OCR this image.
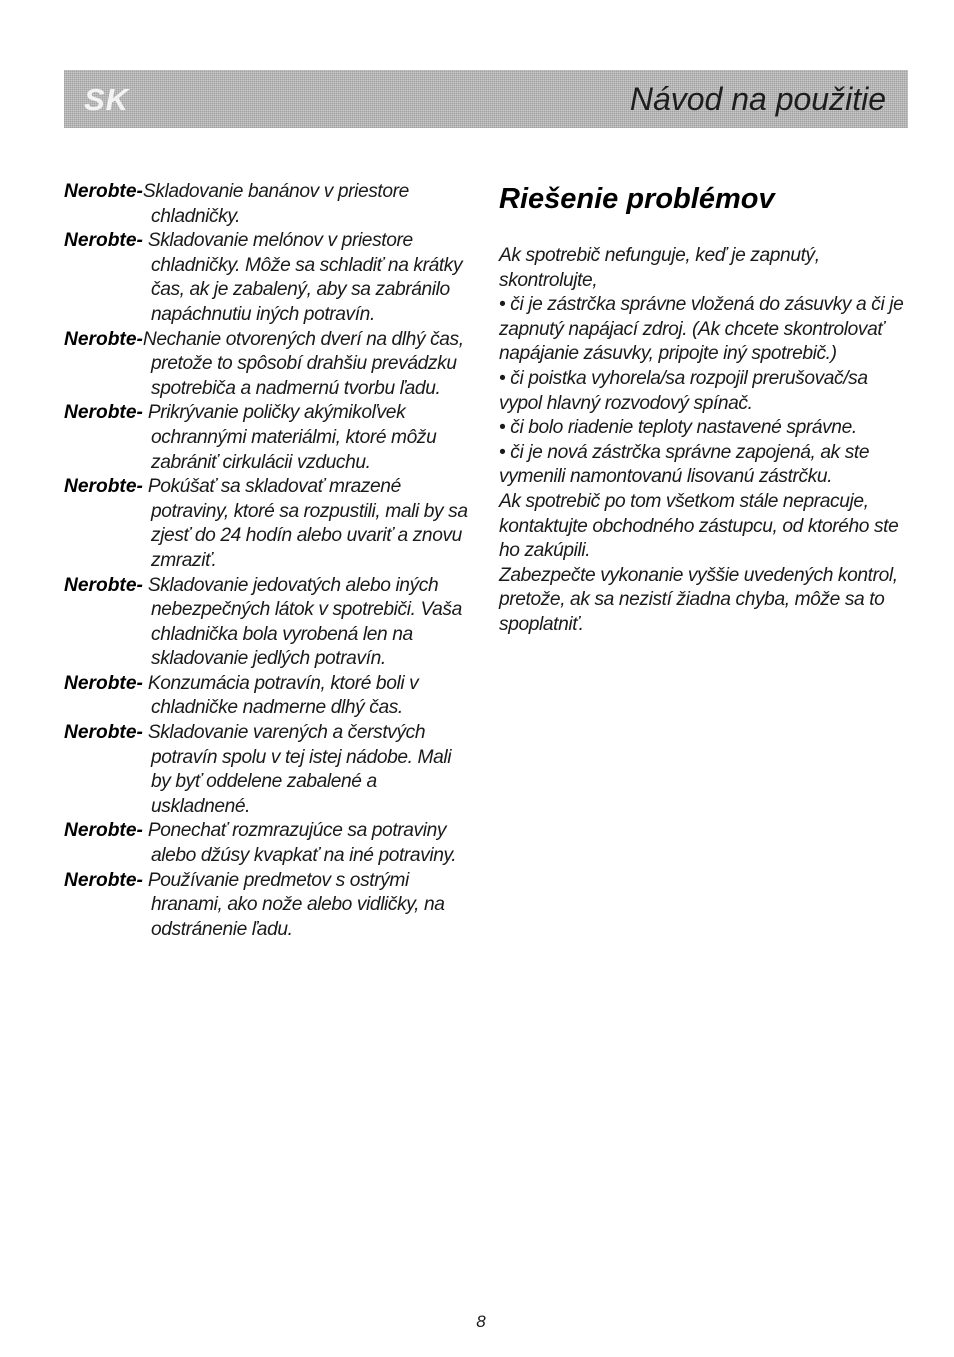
SK	Návod na použitie
Nerobte-Skladovanie banánov v priestore chladničky.
Nerobte- Skladovanie melónov v priestore chladničky. Môže sa schladiť na krátky čas, ak je zabalený, aby sa zabránilo napáchnutiu iných potravín.
Nerobte-Nechanie otvorených dverí na dlhý čas, pretože to spôsobí drahšiu prevádzku spotrebiča a nadmernú tvorbu ľadu.
Nerobte- Prikrývanie poličky akýmikoľvek ochrannými materiálmi, ktoré môžu zabrániť cirkulácii vzduchu.
Nerobte- Pokúšať sa skladovať mrazené potraviny, ktoré sa rozpustili, mali by sa zjesť do 24 hodín alebo uvariť a znovu zmraziť.
Nerobte- Skladovanie jedovatých alebo iných nebezpečných látok v spotrebiči. Vaša chladnička bola vyrobená len na skladovanie jedlých potravín.
Nerobte- Konzumácia potravín, ktoré boli v chladničke nadmerne dlhý čas.
Nerobte- Skladovanie varených a čerstvých potravín spolu v tej istej nádobe. Mali by byť oddelene zabalené a uskladnené.
Nerobte- Ponechať rozmrazujúce sa potraviny alebo džúsy kvapkať na iné potraviny.
Nerobte- Používanie predmetov s ostrými hranami, ako nože alebo vidličky, na odstránenie ľadu.
Riešenie problémov
Ak spotrebič nefunguje, keď je zapnutý, skontrolujte,
• či je zástrčka správne vložená do zásuvky a či je zapnutý napájací zdroj. (Ak chcete skontrolovať napájanie zásuvky, pripojte iný spotrebič.)
• či poistka vyhorela/sa rozpojil prerušovač/sa vypol hlavný rozvodový spínač.
• či bolo riadenie teploty nastavené správne.
• či je nová zástrčka správne zapojená, ak ste vymenili namontovanú lisovanú zástrčku.
Ak spotrebič po tom všetkom stále nepracuje, kontaktujte obchodného zástupcu, od ktorého ste ho zakúpili.
Zabezpečte vykonanie vyššie uvedených kontrol, pretože, ak sa nezistí žiadna chyba, môže sa to spoplatniť.
8
